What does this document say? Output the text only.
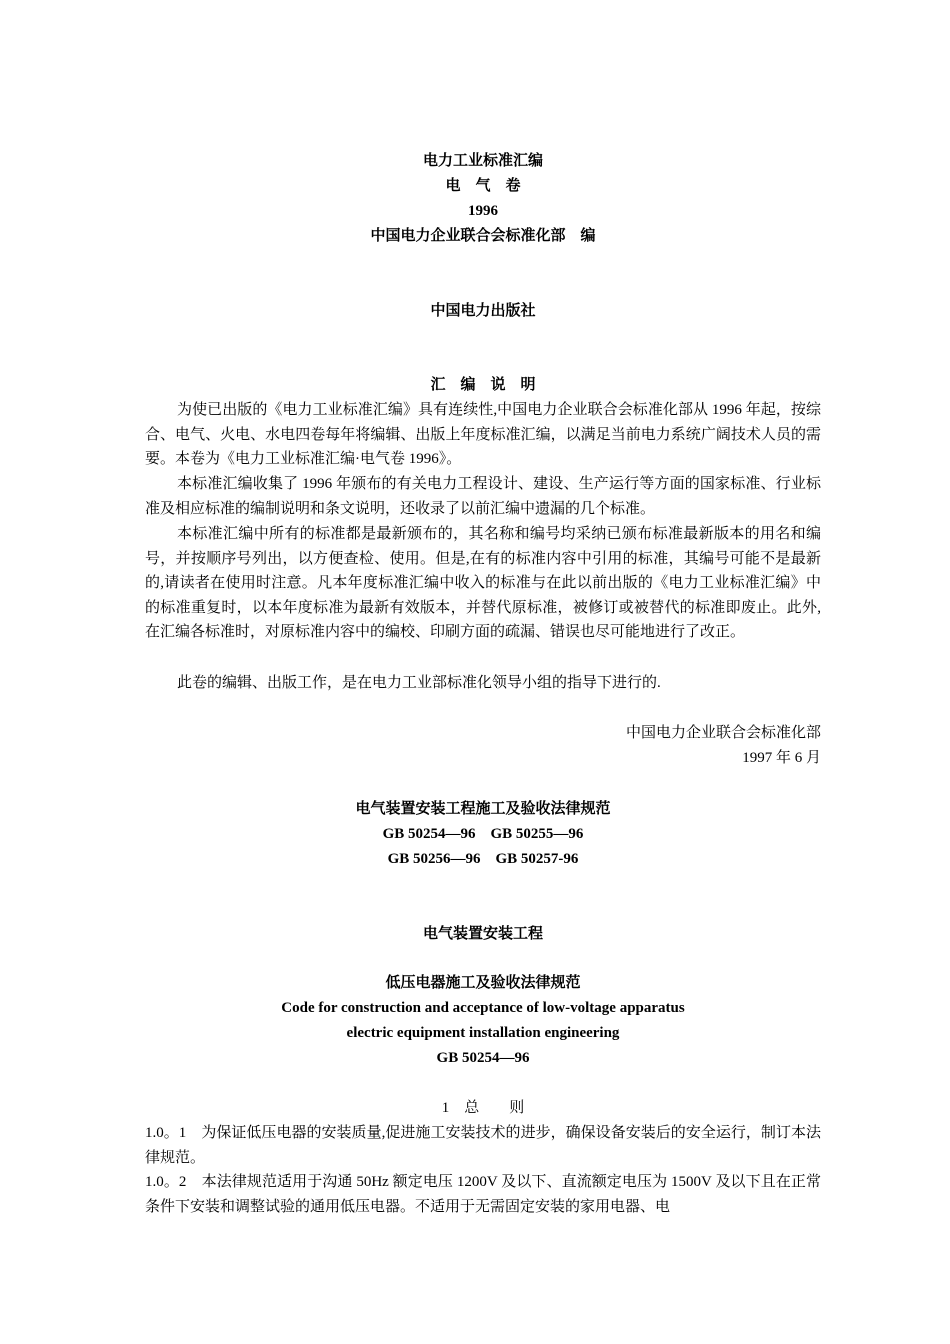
电力工业标准汇编
电　气　卷
1996
中国电力企业联合会标准化部　编
中国电力出版社
汇　编　说　明
为使已出版的《电力工业标准汇编》具有连续性,中国电力企业联合会标准化部从 1996 年起，按综合、电气、火电、水电四卷每年将编辑、出版上年度标准汇编，以满足当前电力系统广阔技术人员的需要。本卷为《电力工业标准汇编·电气卷 1996》。
本标准汇编收集了 1996 年颁布的有关电力工程设计、建设、生产运行等方面的国家标准、行业标准及相应标准的编制说明和条文说明，还收录了以前汇编中遗漏的几个标准。
本标准汇编中所有的标准都是最新颁布的，其名称和编号均采纳已颁布标准最新版本的用名和编号，并按顺序号列出，以方便查检、使用。但是,在有的标准内容中引用的标准，其编号可能不是最新的,请读者在使用时注意。凡本年度标准汇编中收入的标准与在此以前出版的《电力工业标准汇编》中的标准重复时，以本年度标准为最新有效版本，并替代原标准，被修订或被替代的标准即废止。此外,在汇编各标准时，对原标准内容中的编校、印刷方面的疏漏、错误也尽可能地进行了改正。
此卷的编辑、出版工作，是在电力工业部标准化领导小组的指导下进行的.
中国电力企业联合会标准化部
1997 年 6 月
电气装置安装工程施工及验收法律规范
GB 50254—96　GB 50255—96
GB 50256—96　GB 50257-96
电气装置安装工程
低压电器施工及验收法律规范
Code for construction and acceptance of low-voltage apparatus
electric equipment installation engineering
GB 50254—96
1　总　　则
1.0。1　为保证低压电器的安装质量,促进施工安装技术的进步，确保设备安装后的安全运行，制订本法律规范。
1.0。2　本法律规范适用于沟通 50Hz 额定电压 1200V 及以下、直流额定电压为 1500V 及以下且在正常条件下安装和调整试验的通用低压电器。不适用于无需固定安装的家用电器、电
